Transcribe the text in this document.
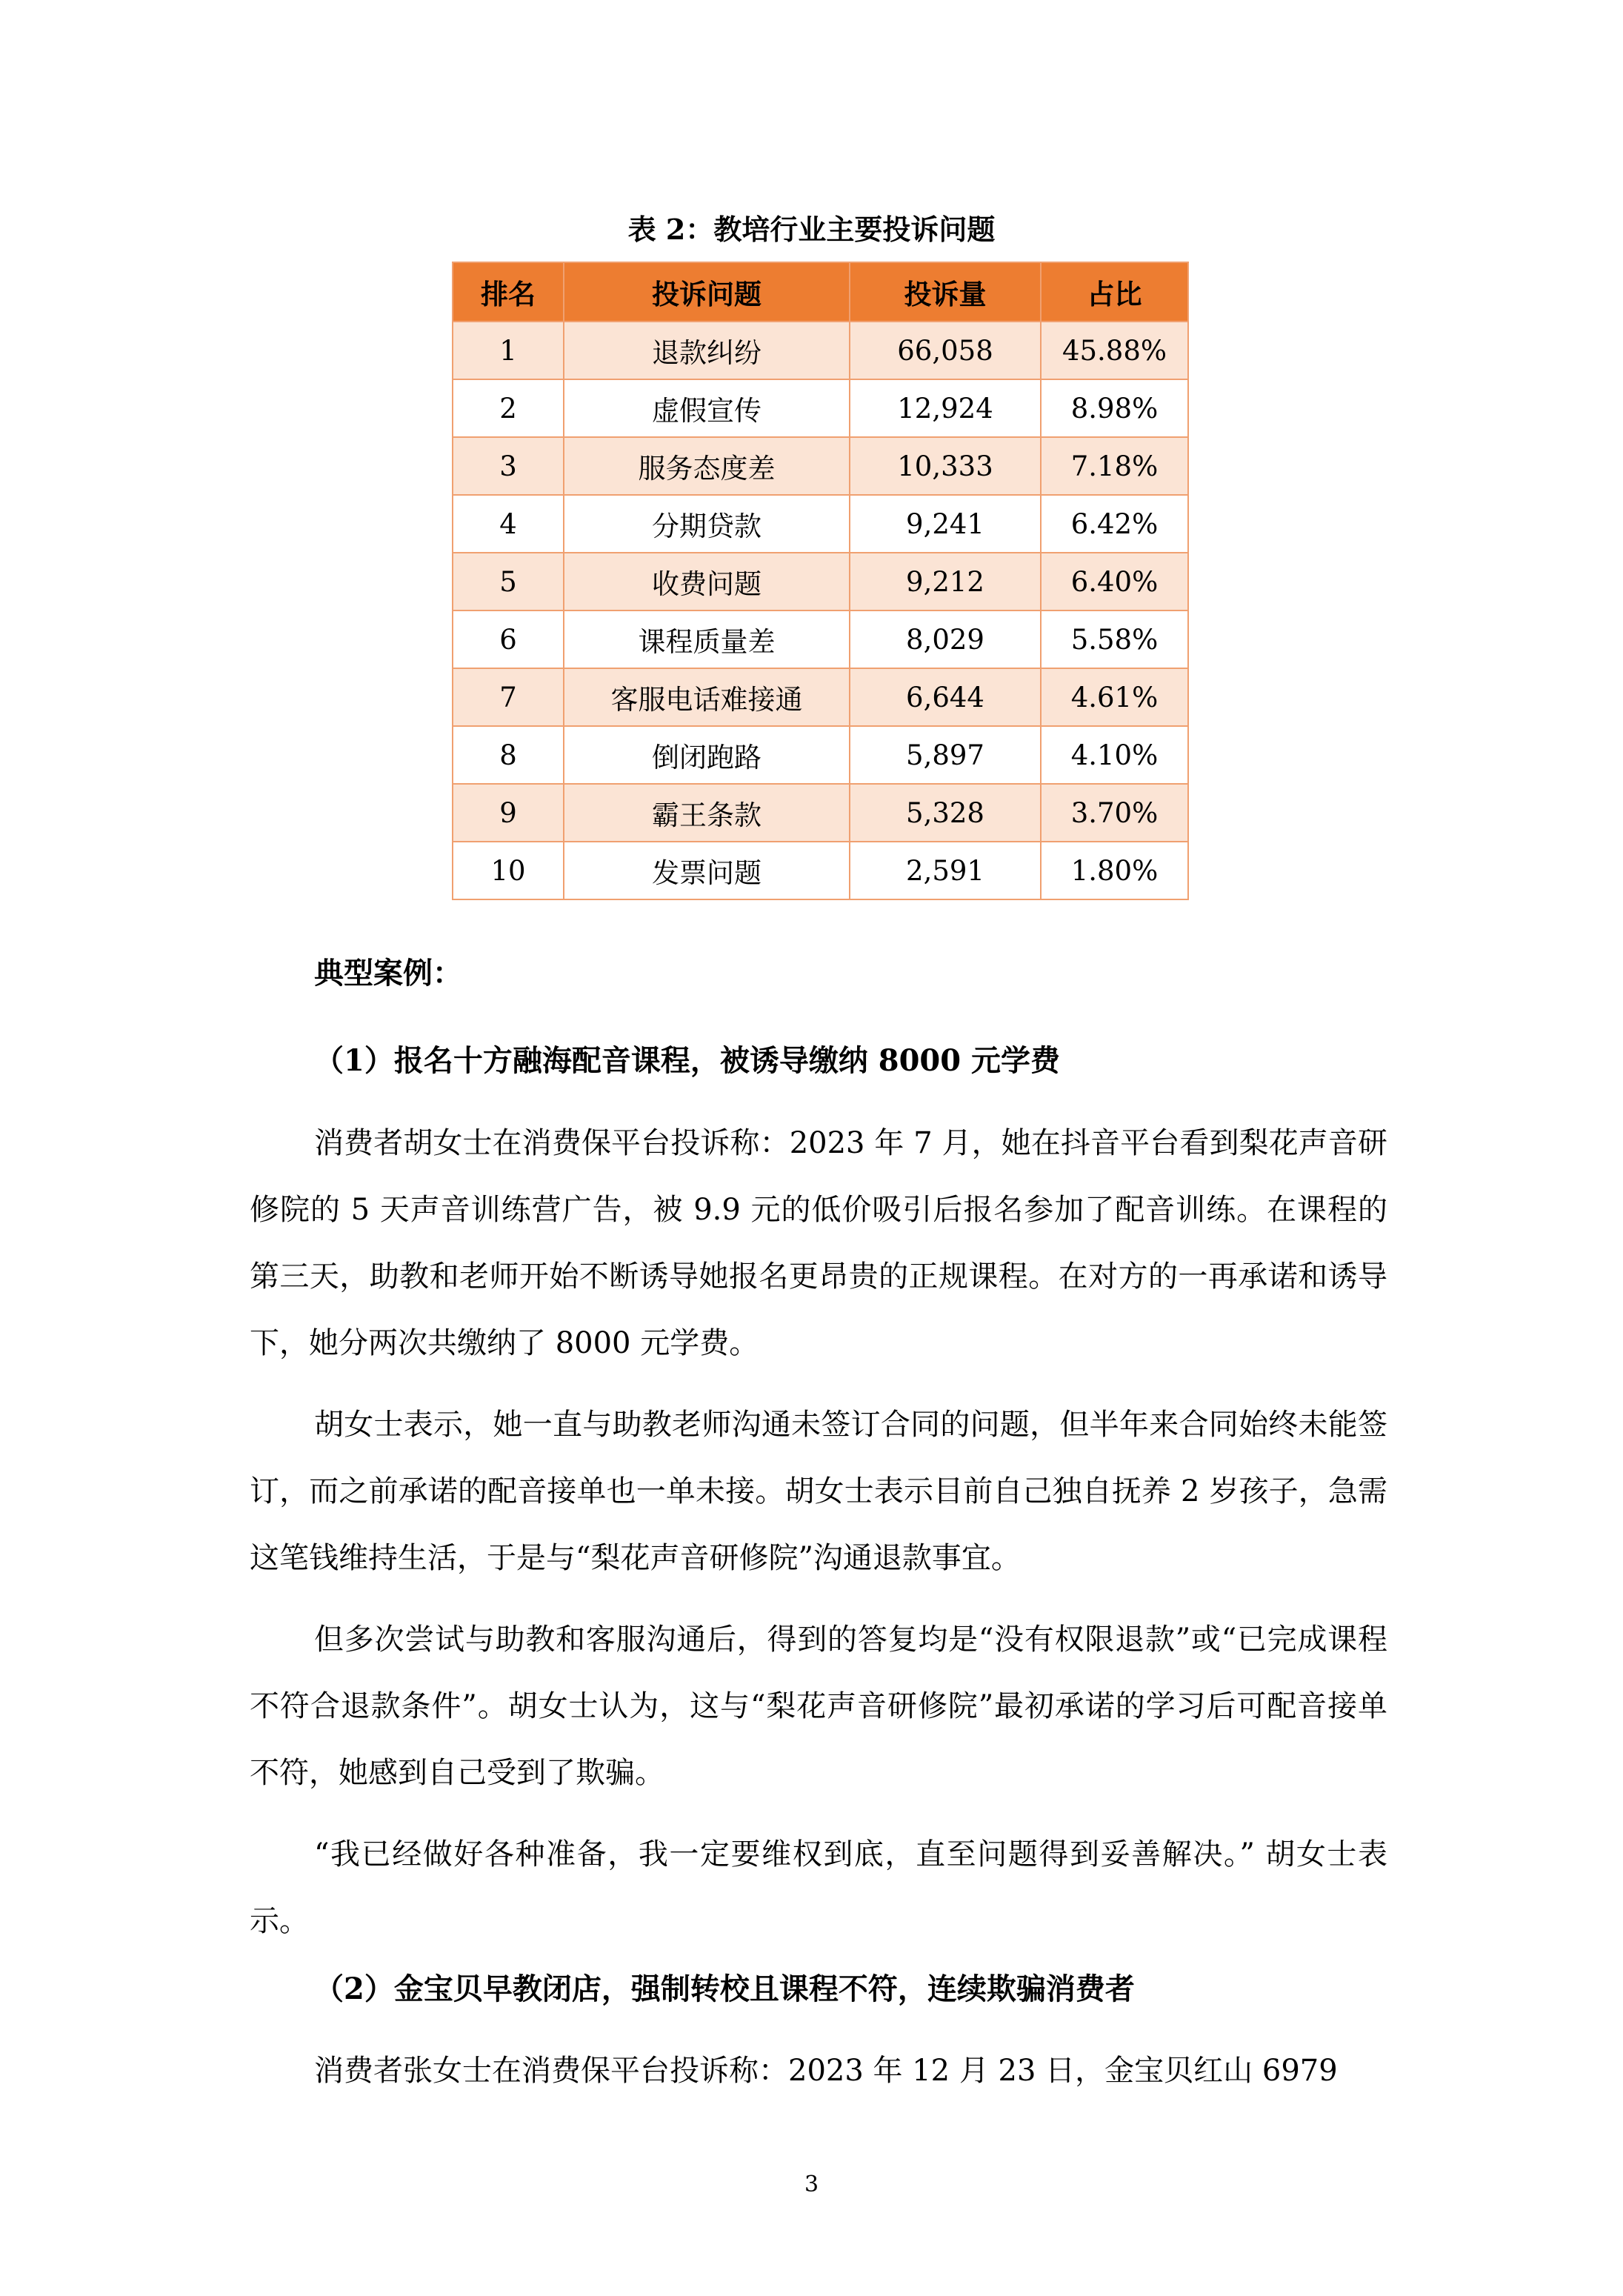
表 2：教培行业主要投诉问题
排名	投诉问题	投诉量	占比
1	退款纠纷	66,058	45.88%
2	虚假宣传	12,924	8.98%
3	服务态度差	10,333	7.18%
4	分期贷款	9,241	6.42%
5	收费问题	9,212	6.40%
6	课程质量差	8,029	5.58%
7	客服电话难接通	6,644	4.61%
8	倒闭跑路	5,897	4.10%
9	霸王条款	5,328	3.70%
10	发票问题	2,591	1.80%
典型案例：
（1）报名十方融海配音课程，被诱导缴纳 8000 元学费

消费者胡女士在消费保平台投诉称：2023 年 7 月，她在抖音平台看到梨花声音研修院的 5 天声音训练营广告，被 9.9 元的低价吸引后报名参加了配音训练。在课程的第三天，助教和老师开始不断诱导她报名更昂贵的正规课程。在对方的一再承诺和诱导下，她分两次共缴纳了 8000 元学费。

胡女士表示，她一直与助教老师沟通未签订合同的问题，但半年来合同始终未能签订，而之前承诺的配音接单也一单未接。胡女士表示目前自己独自抚养 2 岁孩子，急需这笔钱维持生活，于是与“梨花声音研修院”沟通退款事宜。

但多次尝试与助教和客服沟通后，得到的答复均是“没有权限退款”或“已完成课程不符合退款条件”。胡女士认为，这与“梨花声音研修院”最初承诺的学习后可配音接单不符，她感到自己受到了欺骗。

“我已经做好各种准备，我一定要维权到底，直至问题得到妥善解决。” 胡女士表示。

（2）金宝贝早教闭店，强制转校且课程不符，连续欺骗消费者

消费者张女士在消费保平台投诉称：2023 年 12 月 23 日，金宝贝红山 6979

3
